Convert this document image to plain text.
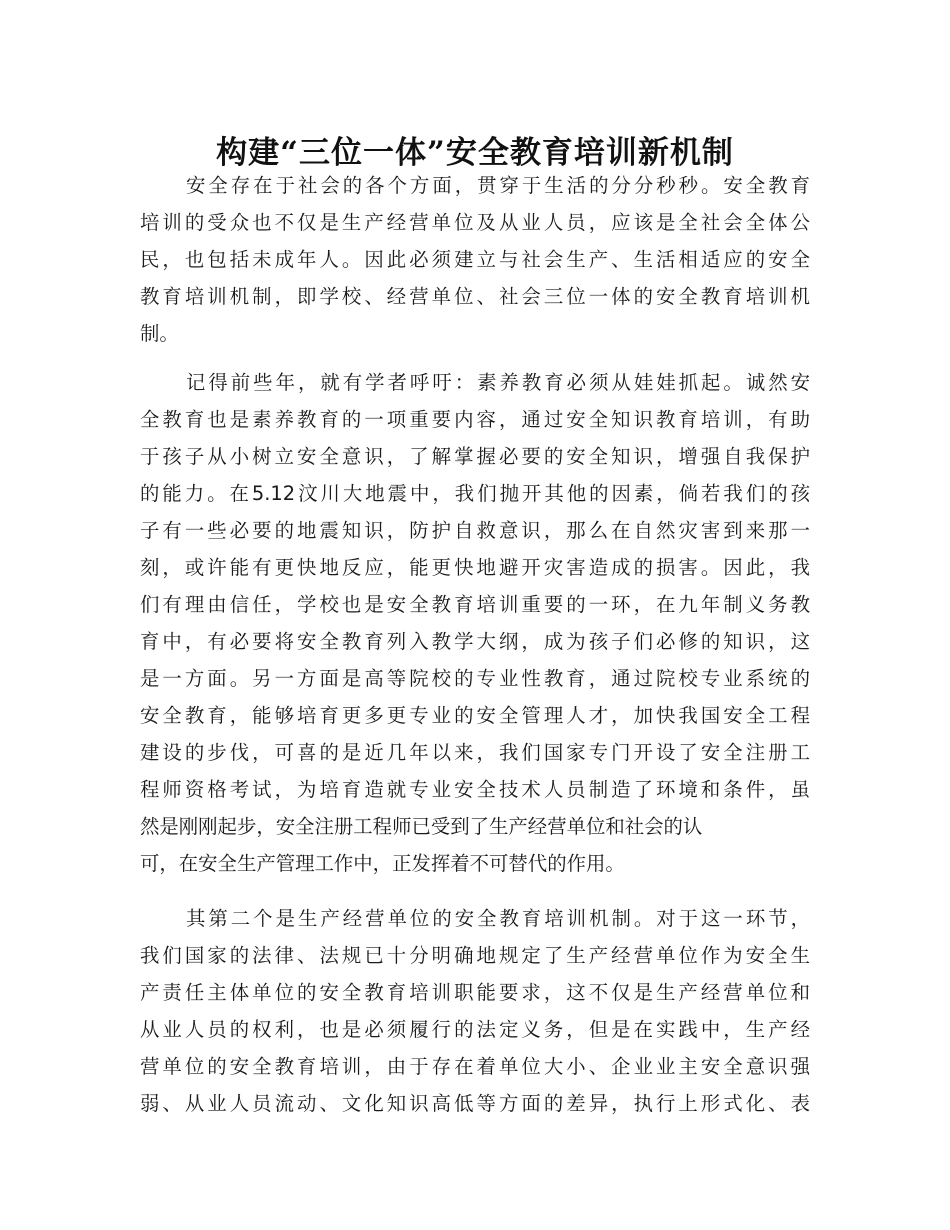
构建“三位一体”安全教育培训新机制
安全存在于社会的各个方面，贯穿于生活的分分秒秒。安全教育
培训的受众也不仅是生产经营单位及从业人员，应该是全社会全体公
民，也包括未成年人。因此必须建立与社会生产、生活相适应的安全
教育培训机制，即学校、经营单位、社会三位一体的安全教育培训机
制。
记得前些年，就有学者呼吁：素养教育必须从娃娃抓起。诚然安
全教育也是素养教育的一项重要内容，通过安全知识教育培训，有助
于孩子从小树立安全意识，了解掌握必要的安全知识，增强自我保护
的能力。在5.12汶川大地震中，我们抛开其他的因素，倘若我们的孩
子有一些必要的地震知识，防护自救意识，那么在自然灾害到来那一
刻，或许能有更快地反应，能更快地避开灾害造成的损害。因此，我
们有理由信任，学校也是安全教育培训重要的一环，在九年制义务教
育中，有必要将安全教育列入教学大纲，成为孩子们必修的知识，这
是一方面。另一方面是高等院校的专业性教育，通过院校专业系统的
安全教育，能够培育更多更专业的安全管理人才，加快我国安全工程
建设的步伐，可喜的是近几年以来，我们国家专门开设了安全注册工
程师资格考试，为培育造就专业安全技术人员制造了环境和条件，虽
然是刚刚起步，安全注册工程师已受到了生产经营单位和社会的认
可，在安全生产管理工作中，正发挥着不可替代的作用。
其第二个是生产经营单位的安全教育培训机制。对于这一环节，
我们国家的法律、法规已十分明确地规定了生产经营单位作为安全生
产责任主体单位的安全教育培训职能要求，这不仅是生产经营单位和
从业人员的权利，也是必须履行的法定义务，但是在实践中，生产经
营单位的安全教育培训，由于存在着单位大小、企业业主安全意识强
弱、从业人员流动、文化知识高低等方面的差异，执行上形式化、表
